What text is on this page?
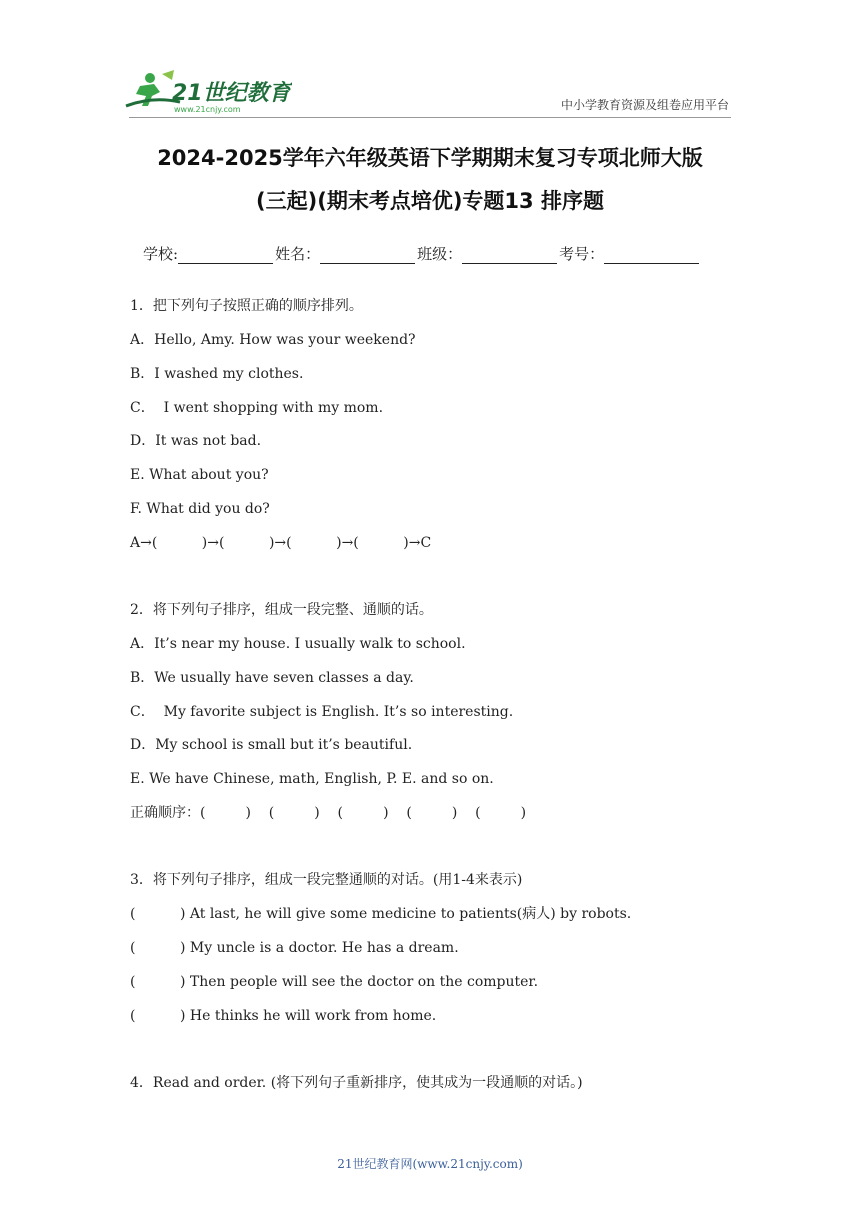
21世纪教育
www.21cnjy.com	中小学教育资源及组卷应用平台
2024-2025学年六年级英语下学期期末复习专项北师大版
(三起)(期末考点培优)专题13 排序题
学校:	姓名：	班级：	考号：
1．把下列句子按照正确的顺序排列。
A．Hello, Amy. How was your weekend?
B．I washed my clothes.
C．  I went shopping with my mom.
D．It was not bad.
E. What about you?
F. What did you do?
A→(          )→(          )→(          )→(          )→C
2．将下列句子排序，组成一段完整、通顺的话。
A．It’s near my house. I usually walk to school.
B．We usually have seven classes a day.
C．  My favorite subject is English. It’s so interesting.
D．My school is small but it’s beautiful.
E. We have Chinese, math, English, P. E. and so on.
正确顺序：(         )    (         )    (         )    (         )    (         )
3．将下列句子排序，组成一段完整通顺的对话。(用1-4来表示)
(          ) At last, he will give some medicine to patients(病人) by robots.
(          ) My uncle is a doctor. He has a dream.
(          ) Then people will see the doctor on the computer.
(          ) He thinks he will work from home.
4．Read and order. (将下列句子重新排序，使其成为一段通顺的对话。)
21世纪教育网(www.21cnjy.com)
